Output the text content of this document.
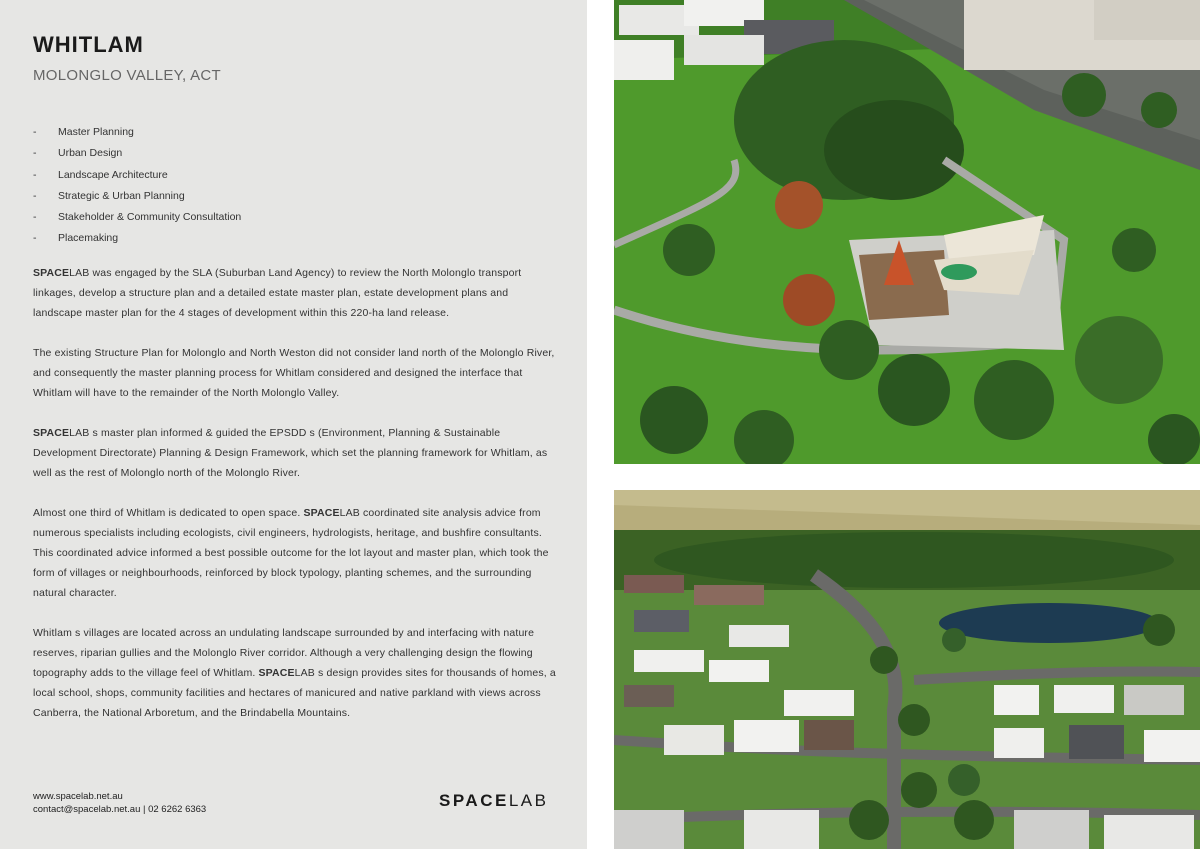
WHITLAM
MOLONGLO VALLEY, ACT
- Master Planning
- Urban Design
- Landscape Architecture
- Strategic & Urban Planning
- Stakeholder & Community Consultation
- Placemaking

SPACELAB was engaged by the SLA (Suburban Land Agency) to review the North Molonglo transport linkages, develop a structure plan and a detailed estate master plan, estate development plans and landscape master plan for the 4 stages of development within this 220-ha land release.

The existing Structure Plan for Molonglo and North Weston did not consider land north of the Molonglo River, and consequently the master planning process for Whitlam considered and designed the interface that Whitlam will have to the remainder of the North Molonglo Valley.

SPACELAB s master plan informed & guided the EPSDD s (Environment, Planning & Sustainable Development Directorate) Planning & Design Framework, which set the planning framework for Whitlam, as well as the rest of Molonglo north of the Molonglo River.

Almost one third of Whitlam is dedicated to open space. SPACELAB coordinated site analysis advice from numerous specialists including ecologists, civil engineers, hydrologists, heritage, and bushfire consultants. This coordinated advice informed a best possible outcome for the lot layout and master plan, which took the form of villages or neighbourhoods, reinforced by block typology, planting schemes, and the surrounding natural character.

Whitlam s villages are located across an undulating landscape surrounded by and interfacing with nature reserves, riparian gullies and the Molonglo River corridor. Although a very challenging design the flowing topography adds to the village feel of Whitlam. SPACELAB s design provides sites for thousands of homes, a local school, shops, community facilities and hectares of manicured and native parkland with views across Canberra, the National Arboretum, and the Brindabella Mountains.

www.spacelab.net.au
contact@spacelab.net.au | 02 6262 6363	SPACELAB
